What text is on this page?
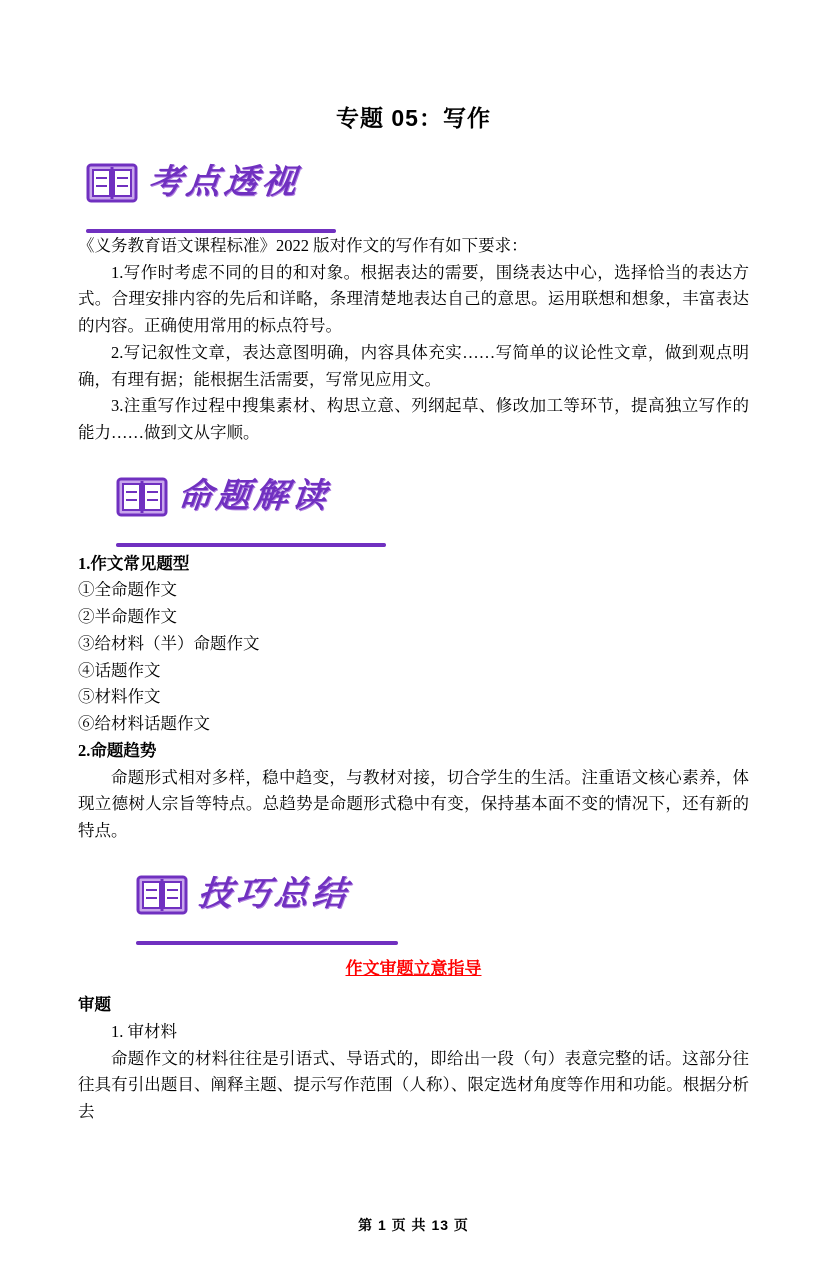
专题 05：写作
考点透视

《义务教育语文课程标准》2022 版对作文的写作有如下要求：

1.写作时考虑不同的目的和对象。根据表达的需要，围绕表达中心，选择恰当的表达方式。合理安排内容的先后和详略，条理清楚地表达自己的意思。运用联想和想象，丰富表达的内容。正确使用常用的标点符号。

2.写记叙性文章，表达意图明确，内容具体充实……写简单的议论性文章，做到观点明确，有理有据；能根据生活需要，写常见应用文。

3.注重写作过程中搜集素材、构思立意、列纲起草、修改加工等环节，提高独立写作的能力……做到文从字顺。

命题解读

1.作文常见题型

①全命题作文

②半命题作文

③给材料（半）命题作文

④话题作文

⑤材料作文

⑥给材料话题作文

2.命题趋势

命题形式相对多样，稳中趋变，与教材对接，切合学生的生活。注重语文核心素养，体现立德树人宗旨等特点。总趋势是命题形式稳中有变，保持基本面不变的情况下，还有新的特点。

技巧总结

作文审题立意指导

审题

1. 审材料

命题作文的材料往往是引语式、导语式的，即给出一段（句）表意完整的话。这部分往往具有引出题目、阐释主题、提示写作范围（人称）、限定选材角度等作用和功能。根据分析去

第 1 页 共 13 页
